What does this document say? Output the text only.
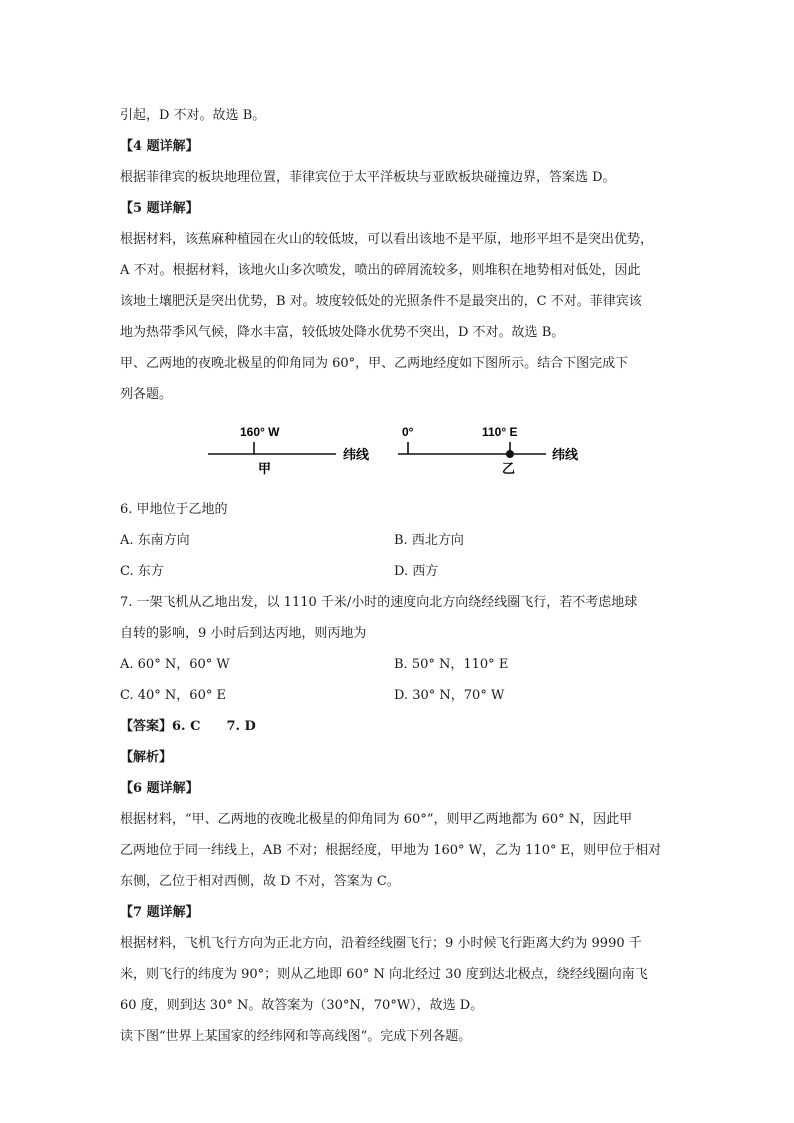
引起，D 不对。故选 B。
【4 题详解】
根据菲律宾的板块地理位置，菲律宾位于太平洋板块与亚欧板块碰撞边界，答案选 D。
【5 题详解】
根据材料，该蕉麻种植园在火山的较低坡，可以看出该地不是平原，地形平坦不是突出优势，
A 不对。根据材料，该地火山多次喷发，喷出的碎屑流较多，则堆积在地势相对低处，因此
该地土壤肥沃是突出优势，B 对。坡度较低处的光照条件不是最突出的，C 不对。菲律宾该
地为热带季风气候，降水丰富，较低坡处降水优势不突出，D 不对。故选 B。
甲、乙两地的夜晚北极星的仰角同为 60°，甲、乙两地经度如下图所示。结合下图完成下
列各题。
160° W
甲
纬线
0°	110° E
乙
纬线
6. 甲地位于乙地的
A. 东南方向	B. 西北方向
C. 东方	D. 西方
7. 一架飞机从乙地出发，以 1110 千米/小时的速度向北方向绕经线圈飞行，若不考虑地球
自转的影响，9 小时后到达丙地，则丙地为
A. 60° N，60° W	B. 50° N，110° E
C. 40° N，60° E	D. 30° N，70° W
【答案】6. C　　7. D
【解析】
【6 题详解】
根据材料，“甲、乙两地的夜晚北极星的仰角同为 60°”，则甲乙两地都为 60° N，因此甲
乙两地位于同一纬线上，AB 不对；根据经度，甲地为 160° W，乙为 110° E，则甲位于相对
东侧，乙位于相对西侧，故 D 不对，答案为 C。
【7 题详解】
根据材料，飞机飞行方向为正北方向，沿着经线圈飞行；9 小时候飞行距离大约为 9990 千
米，则飞行的纬度为 90°；则从乙地即 60° N 向北经过 30 度到达北极点，绕经线圈向南飞
60 度，则到达 30° N。故答案为（30°N，70°W），故选 D。
读下图“世界上某国家的经纬网和等高线图”。完成下列各题。
